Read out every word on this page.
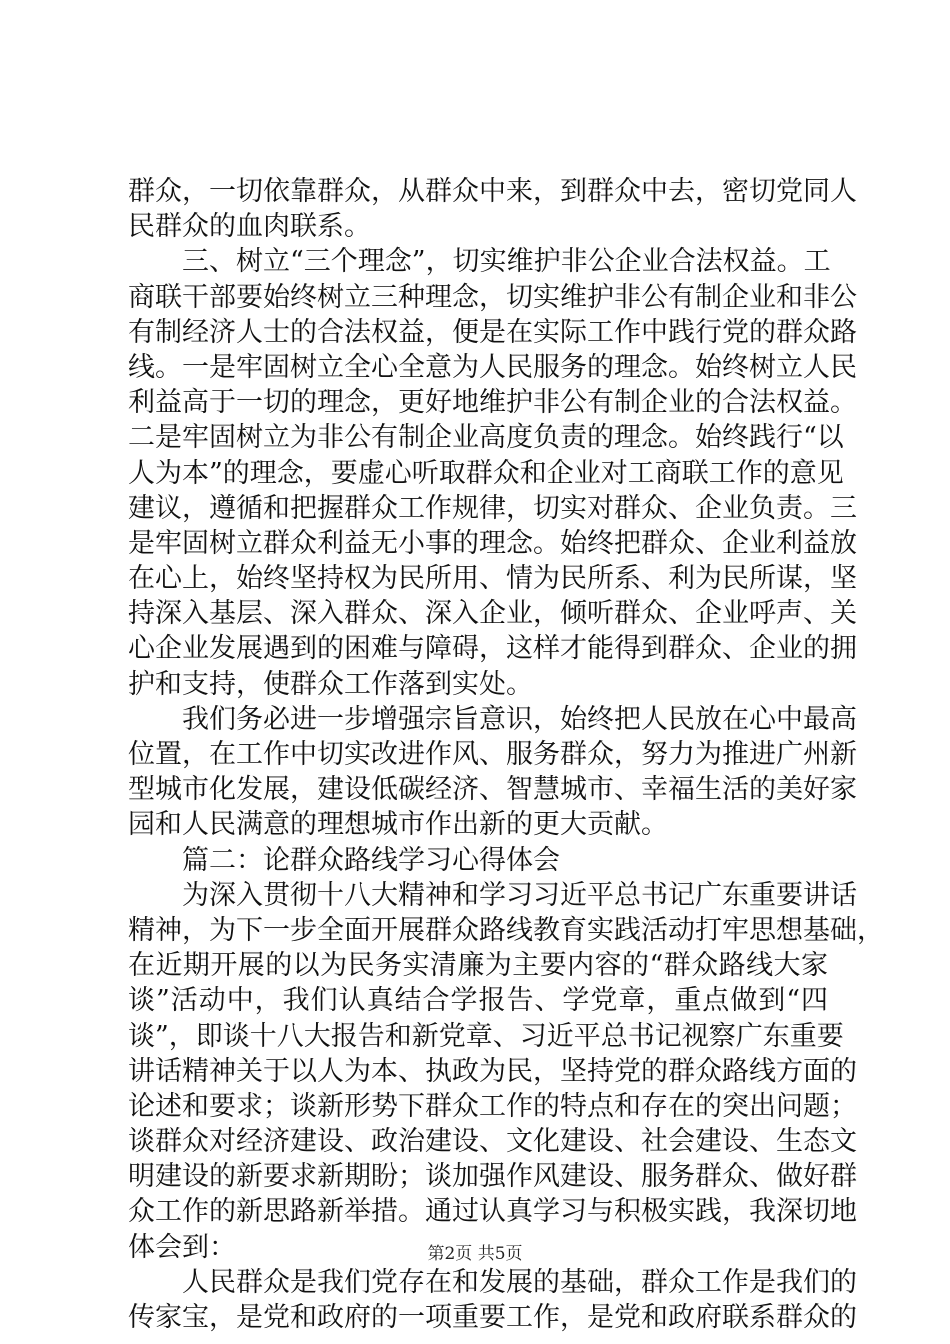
群众，一切依靠群众，从群众中来，到群众中去，密切党同人
民群众的血肉联系。
　　三、树立“三个理念”，切实维护非公企业合法权益。工
商联干部要始终树立三种理念，切实维护非公有制企业和非公
有制经济人士的合法权益，便是在实际工作中践行党的群众路
线。一是牢固树立全心全意为人民服务的理念。始终树立人民
利益高于一切的理念，更好地维护非公有制企业的合法权益。
二是牢固树立为非公有制企业高度负责的理念。始终践行“以
人为本”的理念，要虚心听取群众和企业对工商联工作的意见
建议，遵循和把握群众工作规律，切实对群众、企业负责。三
是牢固树立群众利益无小事的理念。始终把群众、企业利益放
在心上，始终坚持权为民所用、情为民所系、利为民所谋，坚
持深入基层、深入群众、深入企业，倾听群众、企业呼声、关
心企业发展遇到的困难与障碍，这样才能得到群众、企业的拥
护和支持，使群众工作落到实处。
　　我们务必进一步增强宗旨意识，始终把人民放在心中最高
位置，在工作中切实改进作风、服务群众，努力为推进广州新
型城市化发展，建设低碳经济、智慧城市、幸福生活的美好家
园和人民满意的理想城市作出新的更大贡献。
　　篇二：论群众路线学习心得体会
　　为深入贯彻十八大精神和学习习近平总书记广东重要讲话
精神，为下一步全面开展群众路线教育实践活动打牢思想基础，
在近期开展的以为民务实清廉为主要内容的“群众路线大家
谈”活动中，我们认真结合学报告、学党章，重点做到“四
谈”，即谈十八大报告和新党章、习近平总书记视察广东重要
讲话精神关于以人为本、执政为民，坚持党的群众路线方面的
论述和要求；谈新形势下群众工作的特点和存在的突出问题；
谈群众对经济建设、政治建设、文化建设、社会建设、生态文
明建设的新要求新期盼；谈加强作风建设、服务群众、做好群
众工作的新思路新举措。通过认真学习与积极实践，我深切地
体会到：
　　人民群众是我们党存在和发展的基础，群众工作是我们的
传家宝，是党和政府的一项重要工作，是党和政府联系群众的
第2页 共5页
